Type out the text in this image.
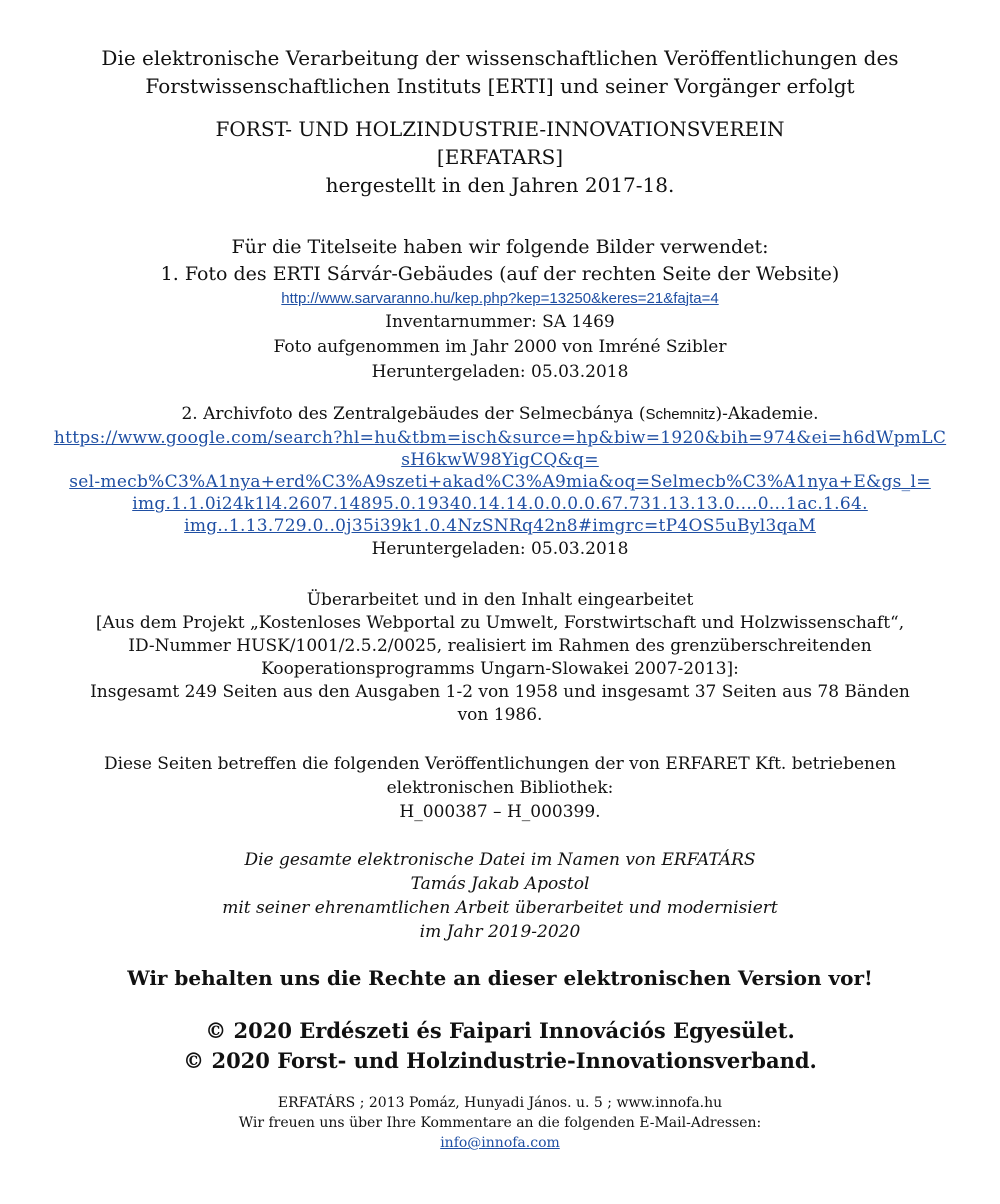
Die elektronische Verarbeitung der wissenschaftlichen Veröffentlichungen des
Forstwissenschaftlichen Instituts [ERTI] und seiner Vorgänger erfolgt
FORST- UND HOLZINDUSTRIE-INNOVATIONSVEREIN
[ERFATARS]
hergestellt in den Jahren 2017-18.
Für die Titelseite haben wir folgende Bilder verwendet:
1. Foto des ERTI Sárvár-Gebäudes (auf der rechten Seite der Website)
http://www.sarvaranno.hu/kep.php?kep=13250&keres=21&fajta=4
Inventarnummer: SA 1469
Foto aufgenommen im Jahr 2000 von Imréné Szibler
Heruntergeladen: 05.03.2018
2. Archivfoto des Zentralgebäudes der Selmecbánya (Schemnitz)-Akademie.
https://www.google.com/search?hl=hu&tbm=isch&surce=hp&biw=1920&bih=974&ei=h6dWpmLC
sH6kwW98YigCQ&q=
sel-mecb%C3%A1nya+erd%C3%A9szeti+akad%C3%A9mia&oq=Selmecb%C3%A1nya+E&gs_l=
img.1.1.0i24k1l4.2607.14895.0.19340.14.14.0.0.0.0.67.731.13.13.0....0...1ac.1.64.
img..1.13.729.0..0j35i39k1.0.4NzSNRq42n8#imgrc=tP4OS5uByl3qaM
Heruntergeladen: 05.03.2018
Überarbeitet und in den Inhalt eingearbeitet
[Aus dem Projekt „Kostenloses Webportal zu Umwelt, Forstwirtschaft und Holzwissenschaft“,
ID-Nummer HUSK/1001/2.5.2/0025, realisiert im Rahmen des grenzüberschreitenden
Kooperationsprogramms Ungarn-Slowakei 2007-2013]:
Insgesamt 249 Seiten aus den Ausgaben 1-2 von 1958 und insgesamt 37 Seiten aus 78 Bänden
von 1986.
Diese Seiten betreffen die folgenden Veröffentlichungen der von ERFARET Kft. betriebenen
elektronischen Bibliothek:
H_000387 – H_000399.
Die gesamte elektronische Datei im Namen von ERFATÁRS
Tamás Jakab Apostol
mit seiner ehrenamtlichen Arbeit überarbeitet und modernisiert
im Jahr 2019-2020
Wir behalten uns die Rechte an dieser elektronischen Version vor!
© 2020 Erdészeti és Faipari Innovációs Egyesület.
© 2020 Forst- und Holzindustrie-Innovationsverband.
ERFATÁRS ; 2013 Pomáz, Hunyadi János. u. 5 ; www.innofa.hu
Wir freuen uns über Ihre Kommentare an die folgenden E-Mail-Adressen:
info@innofa.com
